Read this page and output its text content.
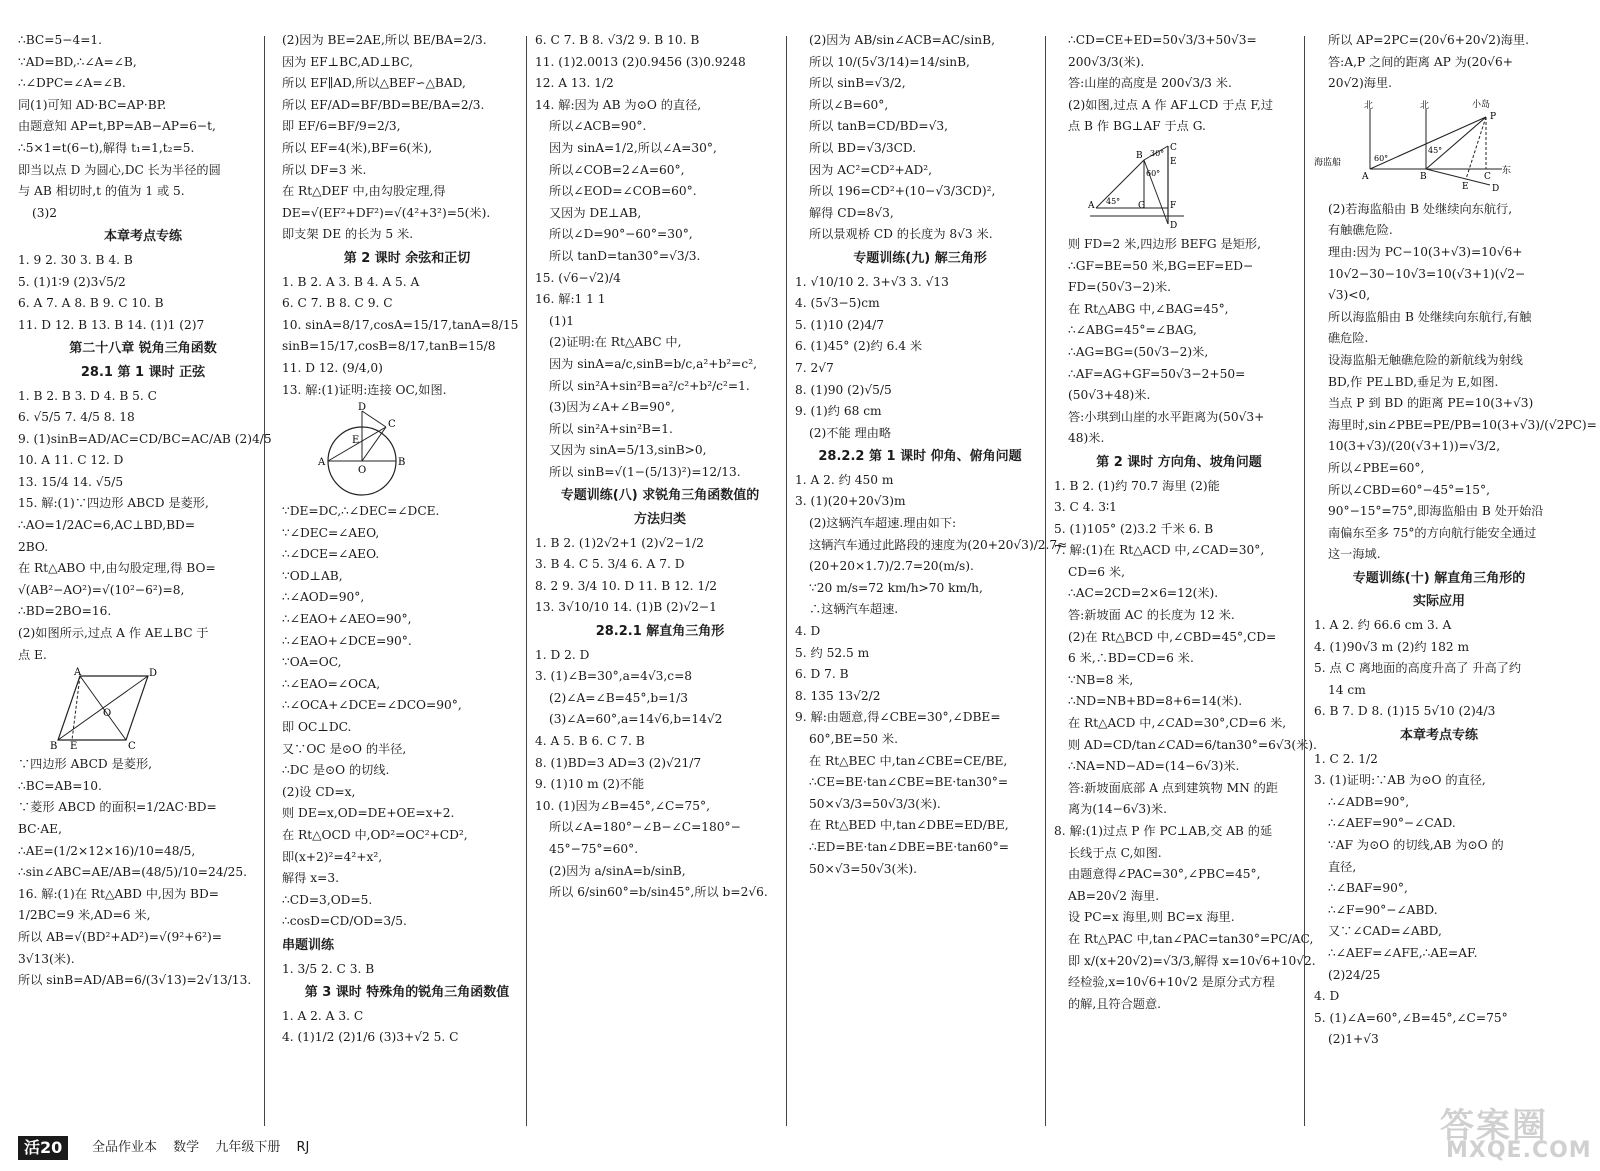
∴BC=5−4=1.
∵AD=BD,∴∠A=∠B,
∴∠DPC=∠A=∠B.
同(1)可知 AD·BC=AP·BP.
由题意知 AP=t,BP=AB−AP=6−t,
∴5×1=t(6−t),解得 t₁=1,t₂=5.
即当以点 D 为圆心,DC 长为半径的圆
与 AB 相切时,t 的值为 1 或 5.
(3)2
本章考点专练
1. 9 2. 30 3. B 4. B
5. (1)1∶9 (2)3√5/2
6. A 7. A 8. B 9. C 10. B
11. D 12. B 13. B 14. (1)1 (2)7
第二十八章 锐角三角函数
28.1 第 1 课时 正弦
1. B 2. B 3. D 4. B 5. C
6. √5/5 7. 4/5 8. 18
9. (1)sinB=AD/AC=CD/BC=AC/AB (2)4/5
10. A 11. C 12. D
13. 15/4 14. √5/5
15. 解:(1)∵四边形 ABCD 是菱形,
∴AO=1/2AC=6,AC⊥BD,BD=
2BO.
在 Rt△ABO 中,由勾股定理,得 BO=
√(AB²−AO²)=√(10²−6²)=8,
∴BD=2BO=16.
(2)如图所示,过点 A 作 AE⊥BC 于
点 E.
A	D
O
B E	C
∵四边形 ABCD 是菱形,
∴BC=AB=10.
∵菱形 ABCD 的面积=1/2AC·BD=
BC·AE,
∴AE=(1/2×12×16)/10=48/5,
∴sin∠ABC=AE/AB=(48/5)/10=24/25.
16. 解:(1)在 Rt△ABD 中,因为 BD=
1/2BC=9 米,AD=6 米,
所以 AB=√(BD²+AD²)=√(9²+6²)=
3√13(米).
所以 sinB=AD/AB=6/(3√13)=2√13/13.
(2)因为 BE=2AE,所以 BE/BA=2/3.
因为 EF⊥BC,AD⊥BC,
所以 EF∥AD,所以△BEF∽△BAD,
所以 EF/AD=BF/BD=BE/BA=2/3.
即 EF/6=BF/9=2/3,
所以 EF=4(米),BF=6(米),
所以 DF=3 米.
在 Rt△DEF 中,由勾股定理,得
DE=√(EF²+DF²)=√(4²+3²)=5(米).
即支架 DE 的长为 5 米.
第 2 课时 余弦和正切
1. B 2. A 3. B 4. A 5. A
6. C 7. B 8. C 9. C
10. sinA=8/17,cosA=15/17,tanA=8/15
sinB=15/17,cosB=8/17,tanB=15/8
11. D 12. (9/4,0)
13. 解:(1)证明:连接 OC,如图.
D
C
E
A
O
B
∵DE=DC,∴∠DEC=∠DCE.
∵∠DEC=∠AEO,
∴∠DCE=∠AEO.
∵OD⊥AB,
∴∠AOD=90°,
∴∠EAO+∠AEO=90°,
∴∠EAO+∠DCE=90°.
∵OA=OC,
∴∠EAO=∠OCA,
∴∠OCA+∠DCE=∠DCO=90°,
即 OC⊥DC.
又∵OC 是⊙O 的半径,
∴DC 是⊙O 的切线.
(2)设 CD=x,
则 DE=x,OD=DE+OE=x+2.
在 Rt△OCD 中,OD²=OC²+CD²,
即(x+2)²=4²+x²,
解得 x=3.
∴CD=3,OD=5.
∴cosD=CD/OD=3/5.
串题训练
1. 3/5 2. C 3. B
第 3 课时 特殊角的锐角三角函数值
1. A 2. A 3. C
4. (1)1/2 (2)1/6 (3)3+√2 5. C
6. C 7. B 8. √3/2 9. B 10. B
11. (1)2.0013 (2)0.9456 (3)0.9248
12. A 13. 1/2
14. 解:因为 AB 为⊙O 的直径,
所以∠ACB=90°.
因为 sinA=1/2,所以∠A=30°,
所以∠COB=2∠A=60°,
所以∠EOD=∠COB=60°.
又因为 DE⊥AB,
所以∠D=90°−60°=30°,
所以 tanD=tan30°=√3/3.
15. (√6−√2)/4
16. 解:1 1 1
(1)1
(2)证明:在 Rt△ABC 中,
因为 sinA=a/c,sinB=b/c,a²+b²=c²,
所以 sin²A+sin²B=a²/c²+b²/c²=1.
(3)因为∠A+∠B=90°,
所以 sin²A+sin²B=1.
又因为 sinA=5/13,sinB>0,
所以 sinB=√(1−(5/13)²)=12/13.
专题训练(八) 求锐角三角函数值的
方法归类
1. B 2. (1)2√2+1 (2)√2−1/2
3. B 4. C 5. 3/4 6. A 7. D
8. 2 9. 3/4 10. D 11. B 12. 1/2
13. 3√10/10 14. (1)B (2)√2−1
28.2.1 解直角三角形
1. D 2. D
3. (1)∠B=30°,a=4√3,c=8
(2)∠A=∠B=45°,b=1/3
(3)∠A=60°,a=14√6,b=14√2
4. A 5. B 6. C 7. B
8. (1)BD=3 AD=3 (2)√21/7
9. (1)10 m (2)不能
10. (1)因为∠B=45°,∠C=75°,
所以∠A=180°−∠B−∠C=180°−
45°−75°=60°.
(2)因为 a/sinA=b/sinB,
所以 6/sin60°=b/sin45°,所以 b=2√6.
(2)因为 AB/sin∠ACB=AC/sinB,
所以 10/(5√3/14)=14/sinB,
所以 sinB=√3/2,
所以∠B=60°,
所以 tanB=CD/BD=√3,
所以 BD=√3/3CD.
因为 AC²=CD²+AD²,
所以 196=CD²+(10−√3/3CD)²,
解得 CD=8√3,
所以景观桥 CD 的长度为 8√3 米.
专题训练(九) 解三角形
1. √10/10 2. 3+√3 3. √13
4. (5√3−5)cm
5. (1)10 (2)4/7
6. (1)45° (2)约 6.4 米
7. 2√7
8. (1)90 (2)√5/5
9. (1)约 68 cm
(2)不能 理由略
28.2.2 第 1 课时 仰角、俯角问题
1. A 2. 约 450 m
3. (1)(20+20√3)m
(2)这辆汽车超速.理由如下:
这辆汽车通过此路段的速度为(20+20√3)/2.7≈
(20+20×1.7)/2.7=20(m/s).
∵20 m/s=72 km/h>70 km/h,
∴这辆汽车超速.
4. D
5. 约 52.5 m
6. D 7. B
8. 135 13√2/2
9. 解:由题意,得∠CBE=30°,∠DBE=
60°,BE=50 米.
在 Rt△BEC 中,tan∠CBE=CE/BE,
∴CE=BE·tan∠CBE=BE·tan30°=
50×√3/3=50√3/3(米).
在 Rt△BED 中,tan∠DBE=ED/BE,
∴ED=BE·tan∠DBE=BE·tan60°=
50×√3=50√3(米).
∴CD=CE+ED=50√3/3+50√3=
200√3/3(米).
答:山崖的高度是 200√3/3 米.
(2)如图,过点 A 作 AF⊥CD 于点 F,过
点 B 作 BG⊥AF 于点 G.
C
B
E
G
A	F
D
30°
60°
45°
则 FD=2 米,四边形 BEFG 是矩形,
∴GF=BE=50 米,BG=EF=ED−
FD=(50√3−2)米.
在 Rt△ABG 中,∠BAG=45°,
∴∠ABG=45°=∠BAG,
∴AG=BG=(50√3−2)米,
∴AF=AG+GF=50√3−2+50=
(50√3+48)米.
答:小琪到山崖的水平距离为(50√3+
48)米.
第 2 课时 方向角、坡角问题
1. B 2. (1)约 70.7 海里 (2)能
3. C 4. 3∶1
5. (1)105° (2)3.2 千米 6. B
7. 解:(1)在 Rt△ACD 中,∠CAD=30°,
CD=6 米,
∴AC=2CD=2×6=12(米).
答:新坡面 AC 的长度为 12 米.
(2)在 Rt△BCD 中,∠CBD=45°,CD=
6 米,∴BD=CD=6 米.
∵NB=8 米,
∴ND=NB+BD=8+6=14(米).
在 Rt△ACD 中,∠CAD=30°,CD=6 米,
则 AD=CD/tan∠CAD=6/tan30°=6√3(米).
∴NA=ND−AD=(14−6√3)米.
答:新坡面底部 A 点到建筑物 MN 的距
离为(14−6√3)米.
8. 解:(1)过点 P 作 PC⊥AB,交 AB 的延
长线于点 C,如图.
由题意得∠PAC=30°,∠PBC=45°,
AB=20√2 海里.
设 PC=x 海里,则 BC=x 海里.
在 Rt△PAC 中,tan∠PAC=tan30°=PC/AC,
即 x/(x+20√2)=√3/3,解得 x=10√6+10√2.
经检验,x=10√6+10√2 是原分式方程
的解,且符合题意.
所以 AP=2PC=(20√6+20√2)海里.
答:A,P 之间的距离 AP 为(20√6+
20√2)海里.
北	北	小岛
P
海监船
A	B	C
E	D
东
60°
45°
(2)若海监船由 B 处继续向东航行,
有触礁危险.
理由:因为 PC−10(3+√3)=10√6+
10√2−30−10√3=10(√3+1)(√2−
√3)<0,
所以海监船由 B 处继续向东航行,有触
礁危险.
设海监船无触礁危险的新航线为射线
BD,作 PE⊥BD,垂足为 E,如图.
当点 P 到 BD 的距离 PE=10(3+√3)
海里时,sin∠PBE=PE/PB=10(3+√3)/(√2PC)=
10(3+√3)/(20(√3+1))=√3/2,
所以∠PBE=60°,
所以∠CBD=60°−45°=15°,
90°−15°=75°,即海监船由 B 处开始沿
南偏东至多 75°的方向航行能安全通过
这一海域.
专题训练(十) 解直角三角形的
实际应用
1. A 2. 约 66.6 cm 3. A
4. (1)90√3 m (2)约 182 m
5. 点 C 离地面的高度升高了 升高了约
14 cm
6. B 7. D 8. (1)15 5√10 (2)4/3
本章考点专练
1. C 2. 1/2
3. (1)证明:∵AB 为⊙O 的直径,
∴∠ADB=90°,
∴∠AEF=90°−∠CAD.
∵AF 为⊙O 的切线,AB 为⊙O 的
直径,
∴∠BAF=90°,
∴∠F=90°−∠ABD.
又∵∠CAD=∠ABD,
∴∠AEF=∠AFE,∴AE=AF.
(2)24/25
4. D
5. (1)∠A=60°,∠B=45°,∠C=75°
(2)1+√3
活20	全品作业本 数学 九年级下册 RJ
答案圈
MXQE.COM
